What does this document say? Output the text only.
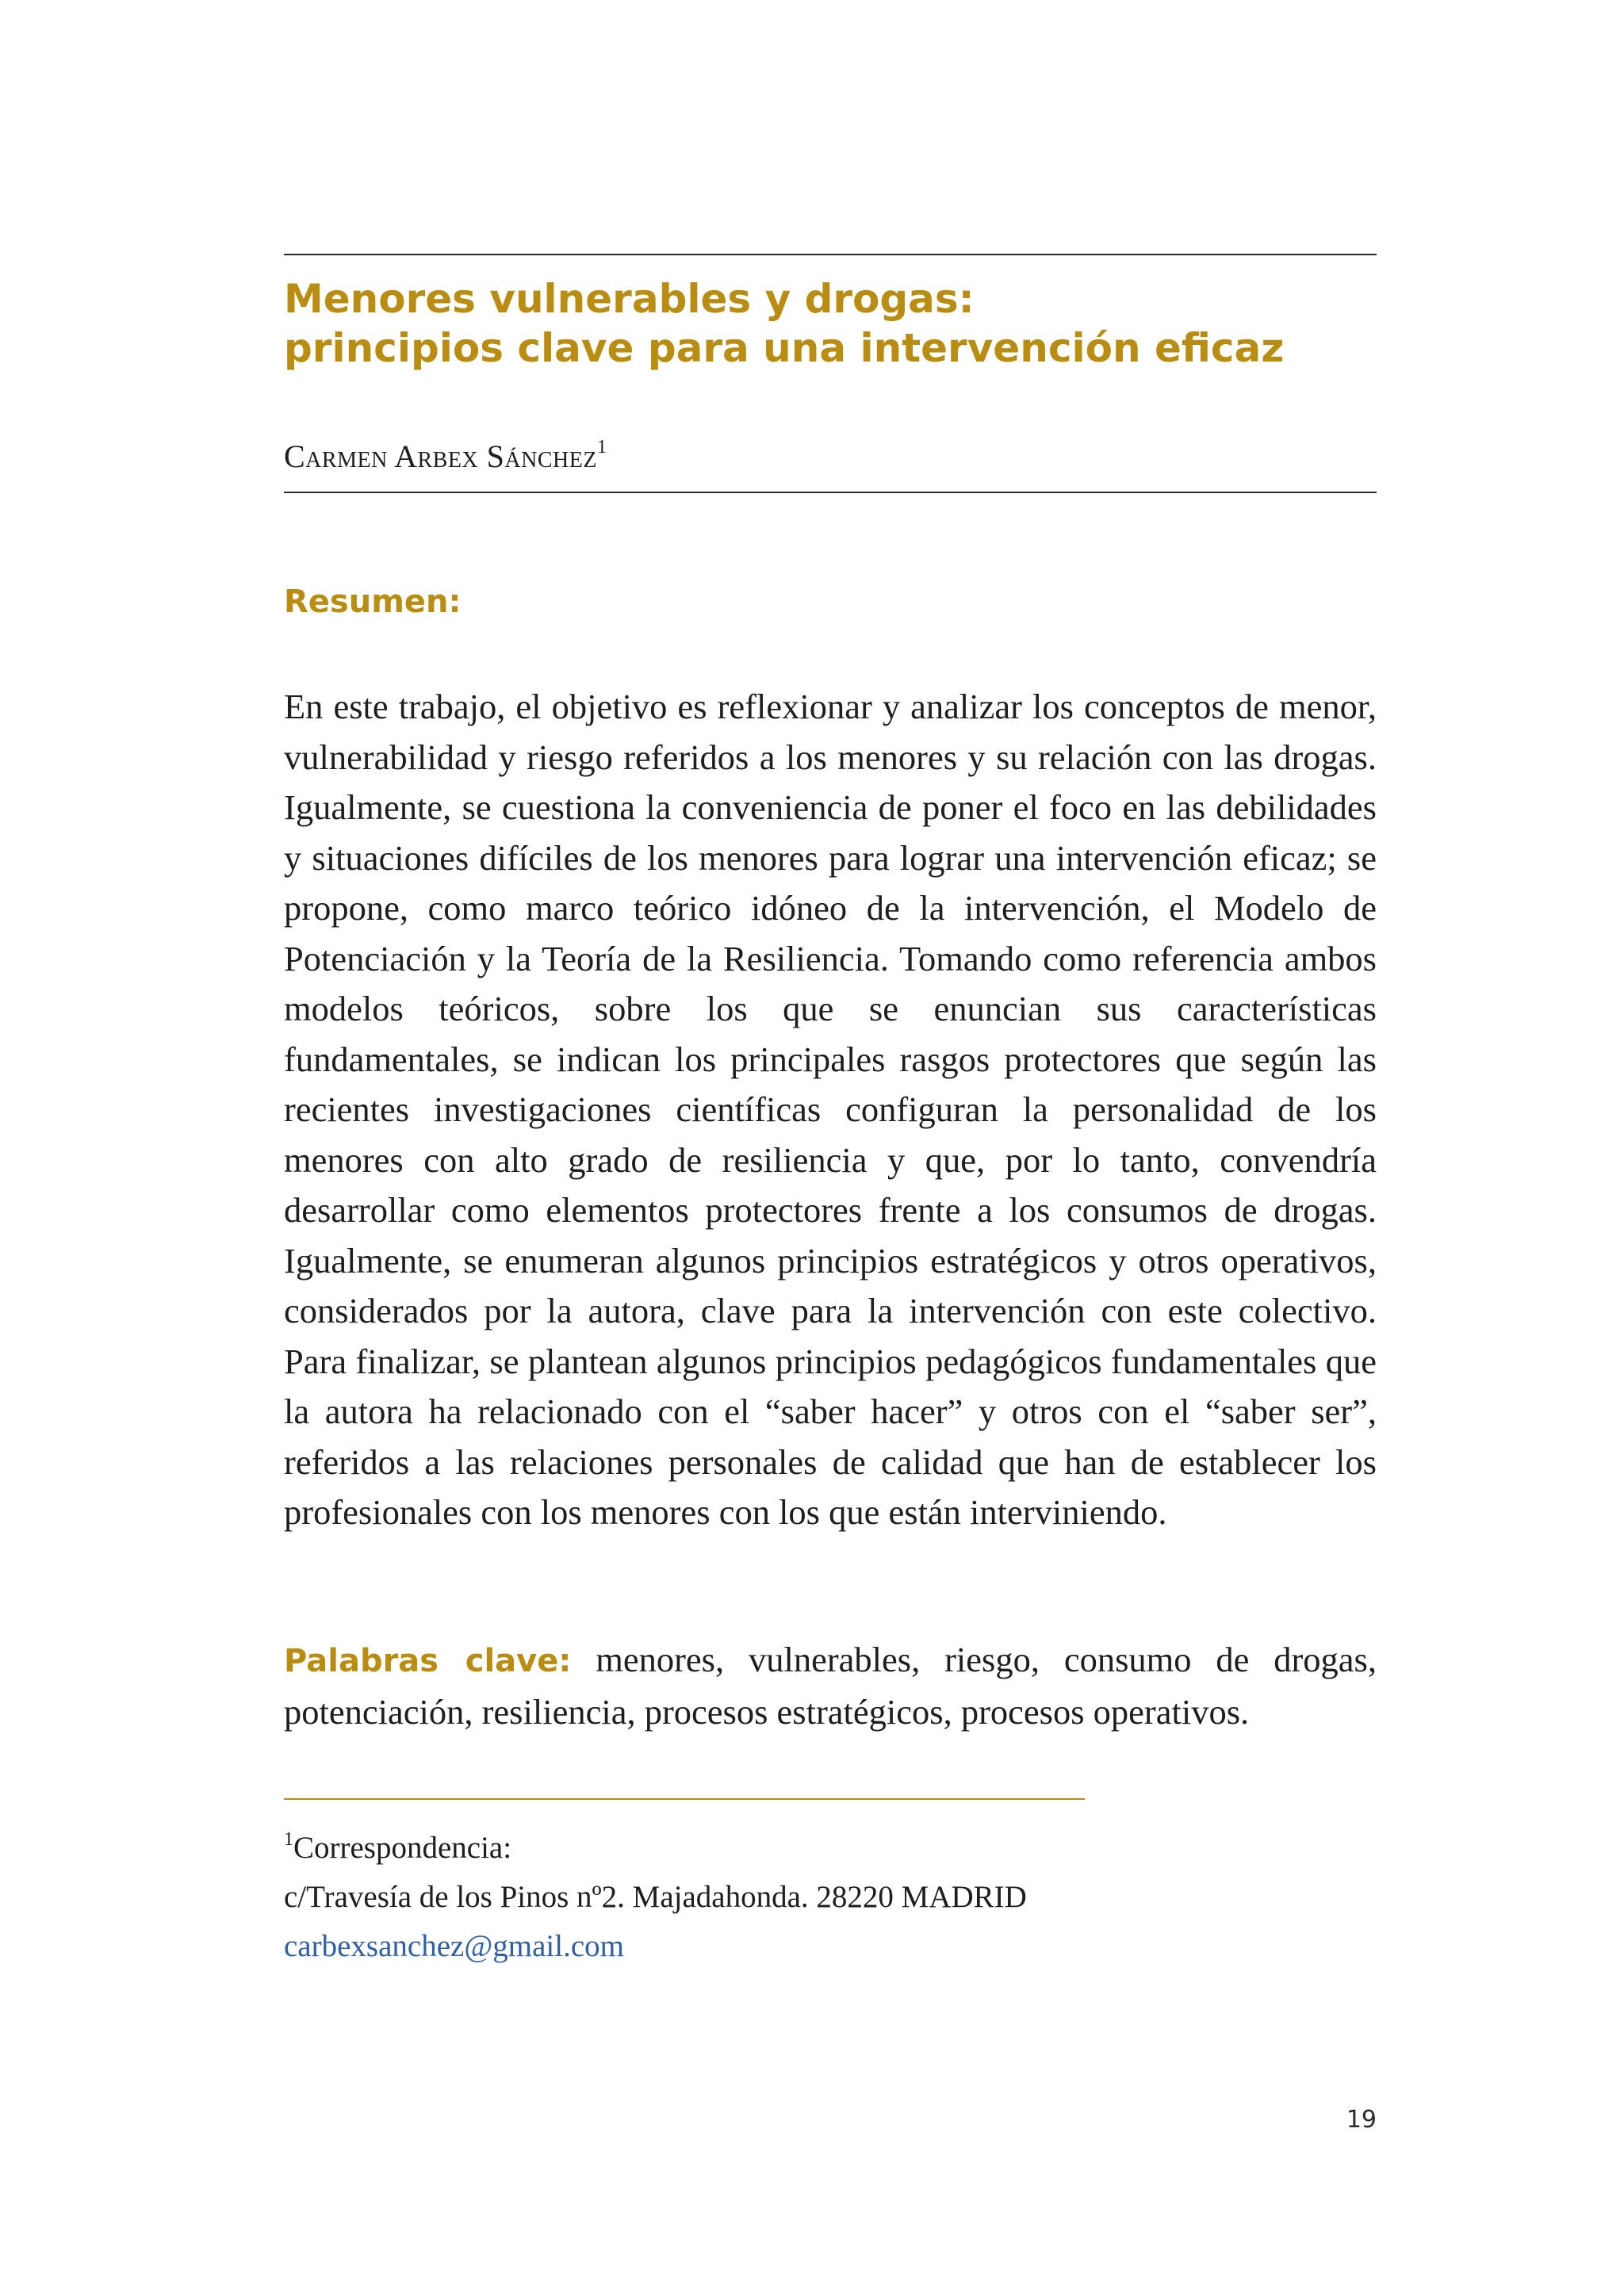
Menores vulnerables y drogas:
principios clave para una intervención eficaz
Carmen Arbex Sánchez$^1$
Resumen:

En este trabajo, el objetivo es reflexionar y analizar los conceptos de menor, vulnerabilidad y riesgo referidos a los menores y su relación con las drogas. Igualmente, se cuestiona la conveniencia de poner el foco en las debilidades y situaciones difíciles de los menores para lograr una intervención eficaz; se propone, como marco teórico idóneo de la intervención, el Modelo de Potenciación y la Teoría de la Resiliencia. Tomando como referencia ambos modelos teóricos, sobre los que se enuncian sus características fundamentales, se indican los principales rasgos protectores que según las recientes investigaciones científicas configuran la personalidad de los menores con alto grado de resiliencia y que, por lo tanto, convendría desarrollar como elementos protectores frente a los consumos de drogas. Igualmente, se enumeran algunos principios estratégicos y otros operativos, considerados por la autora, clave para la intervención con este colectivo. Para finalizar, se plantean algunos principios pedagógicos fundamentales que la autora ha relacionado con el “saber hacer” y otros con el “saber ser”, referidos a las relaciones personales de calidad que han de establecer los profesionales con los menores con los que están interviniendo.

Palabras clave: menores, vulnerables, riesgo, consumo de drogas, potenciación, resiliencia, procesos estratégicos, procesos operativos.

$^1$Correspondencia:
c/Travesía de los Pinos nº2. Majadahonda. 28220 MADRID
carbexsanchez@gmail.com
19
